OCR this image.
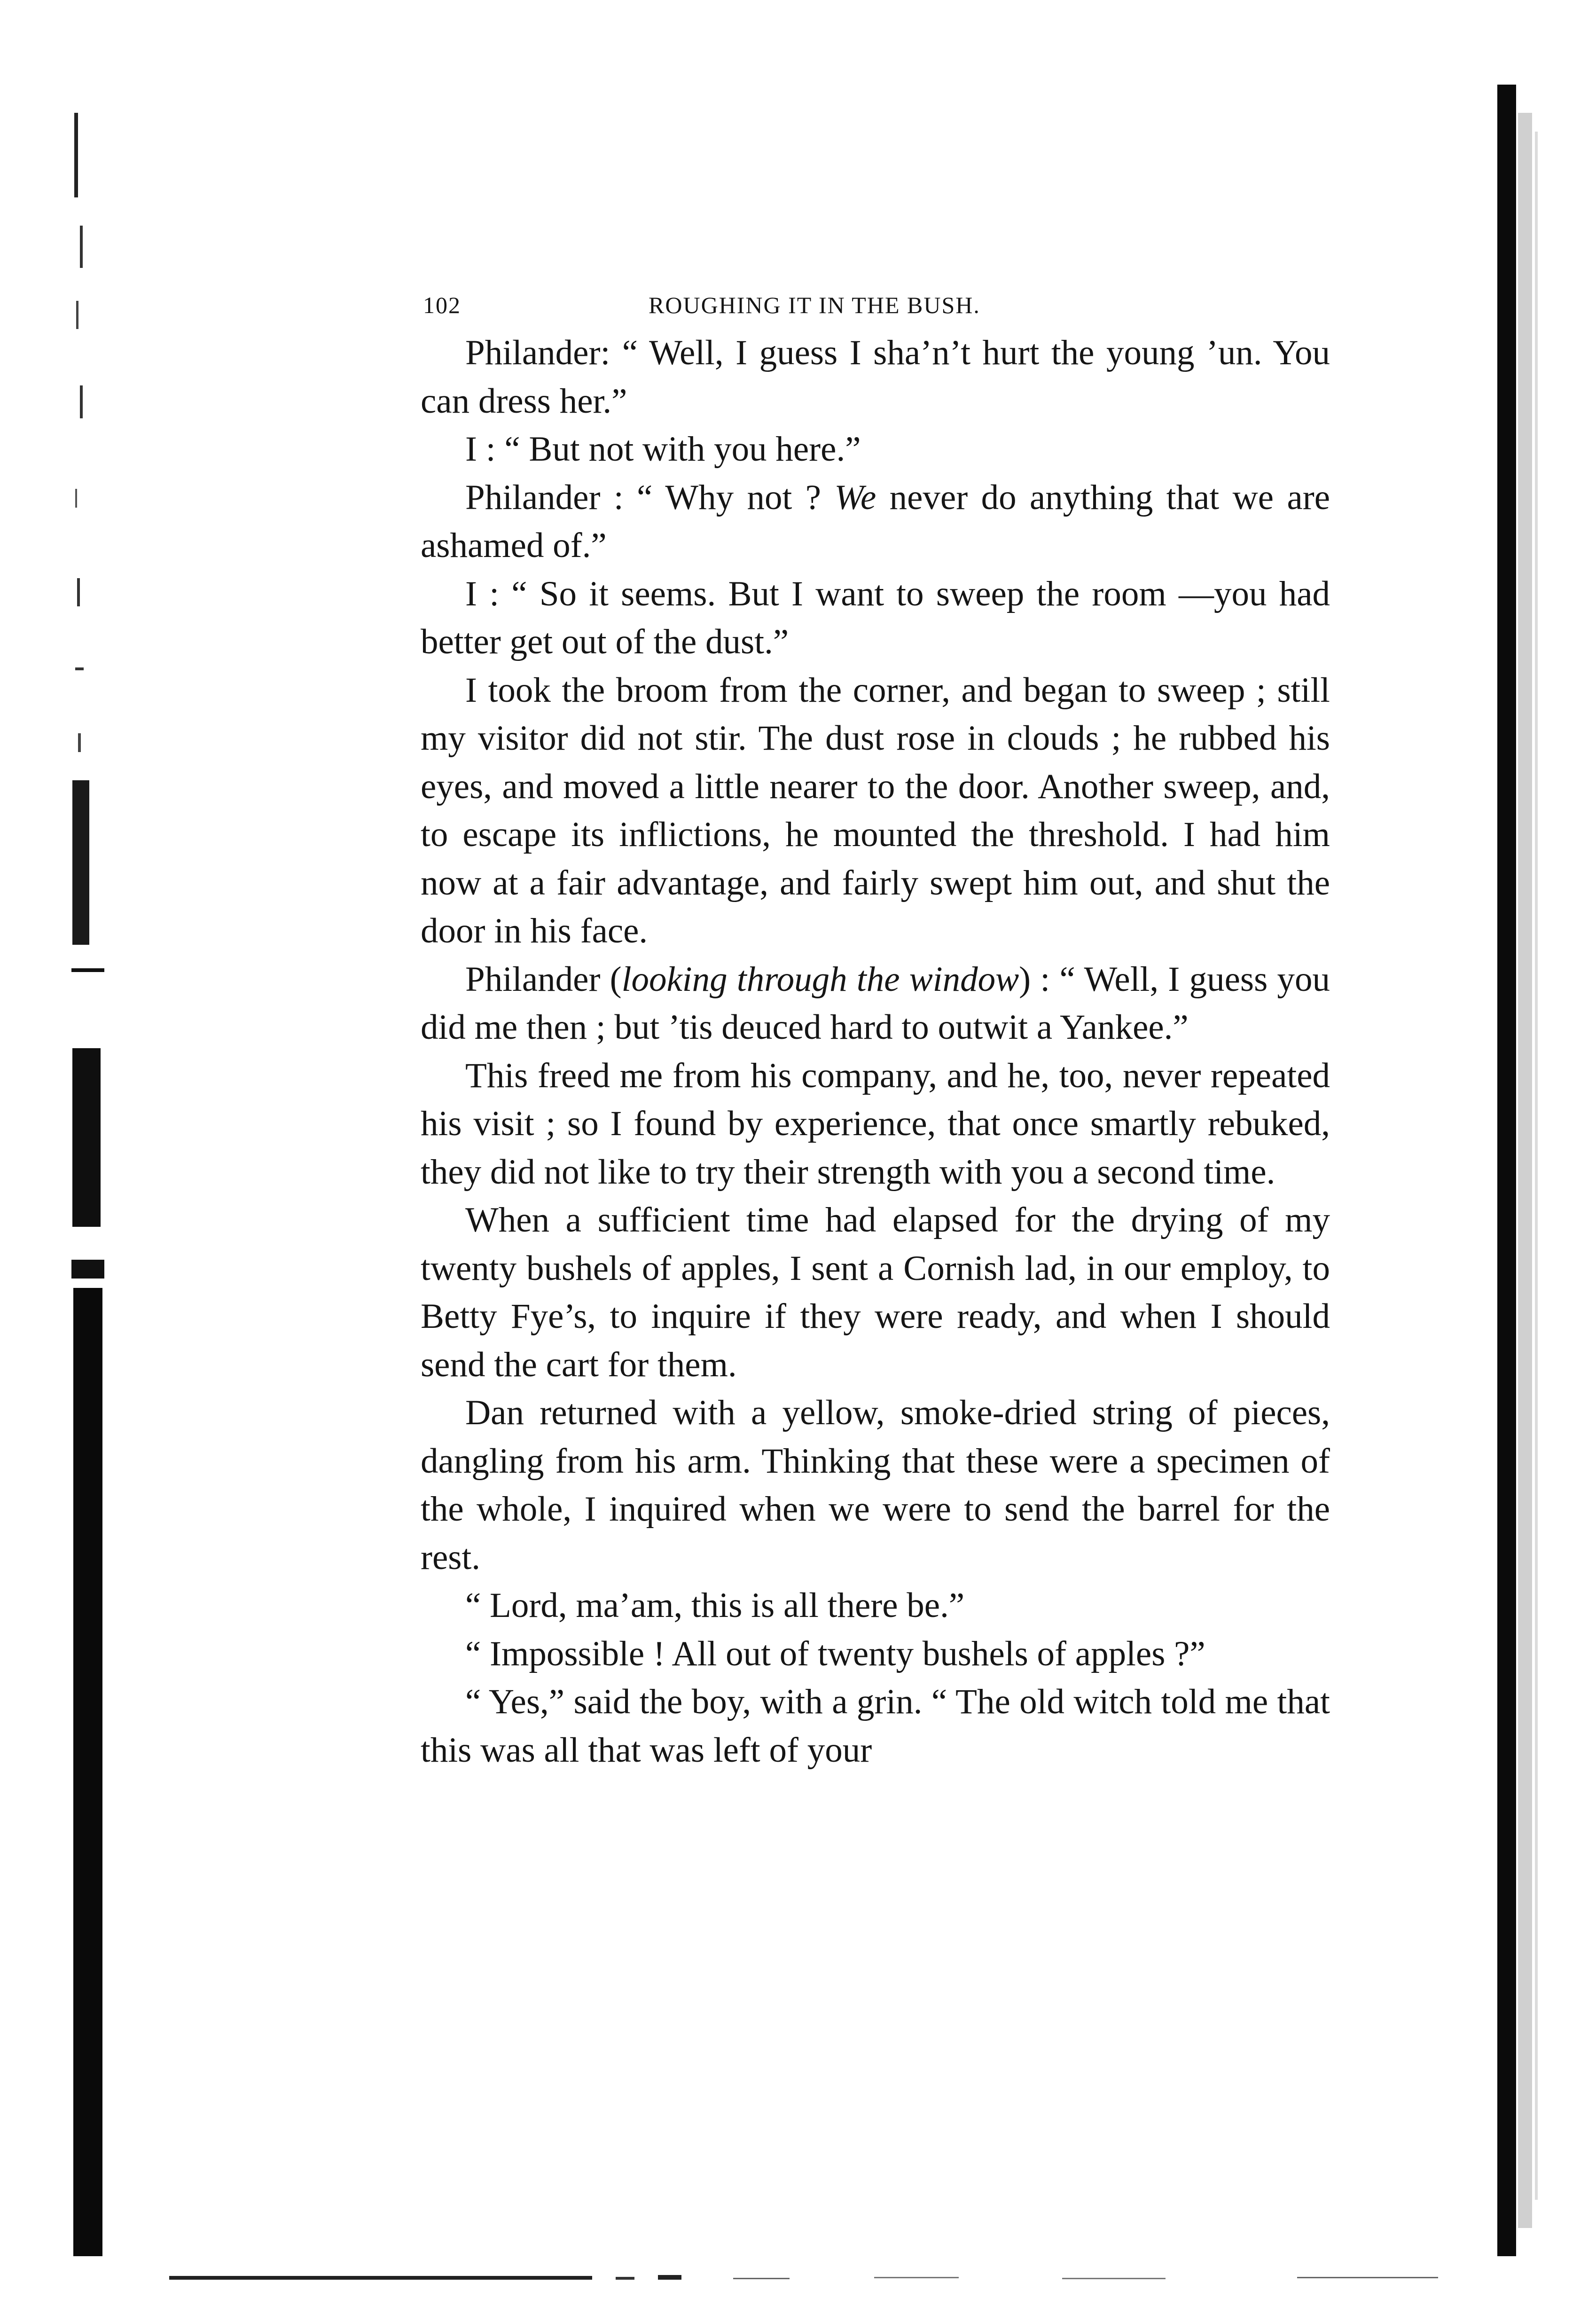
102	ROUGHING IT IN THE BUSH.

Philander: “ Well, I guess I sha’n’t hurt the young ’un. You can dress her.”

I : “ But not with you here.”

Philander : “ Why not ? We never do anything that we are ashamed of.”

I : “ So it seems. But I want to sweep the room —you had better get out of the dust.”

I took the broom from the corner, and began to sweep ; still my visitor did not stir. The dust rose in clouds ; he rubbed his eyes, and moved a little nearer to the door. Another sweep, and, to escape its inflictions, he mounted the threshold. I had him now at a fair advantage, and fairly swept him out, and shut the door in his face.

Philander (looking through the window) : “ Well, I guess you did me then ; but ’tis deuced hard to outwit a Yankee.”

This freed me from his company, and he, too, never repeated his visit ; so I found by experience, that once smartly rebuked, they did not like to try their strength with you a second time.

When a sufficient time had elapsed for the drying of my twenty bushels of apples, I sent a Cornish lad, in our employ, to Betty Fye’s, to inquire if they were ready, and when I should send the cart for them.

Dan returned with a yellow, smoke-dried string of pieces, dangling from his arm. Thinking that these were a specimen of the whole, I inquired when we were to send the barrel for the rest.

“ Lord, ma’am, this is all there be.”

“ Impossible ! All out of twenty bushels of apples ?”

“ Yes,” said the boy, with a grin. “ The old witch told me that this was all that was left of your
